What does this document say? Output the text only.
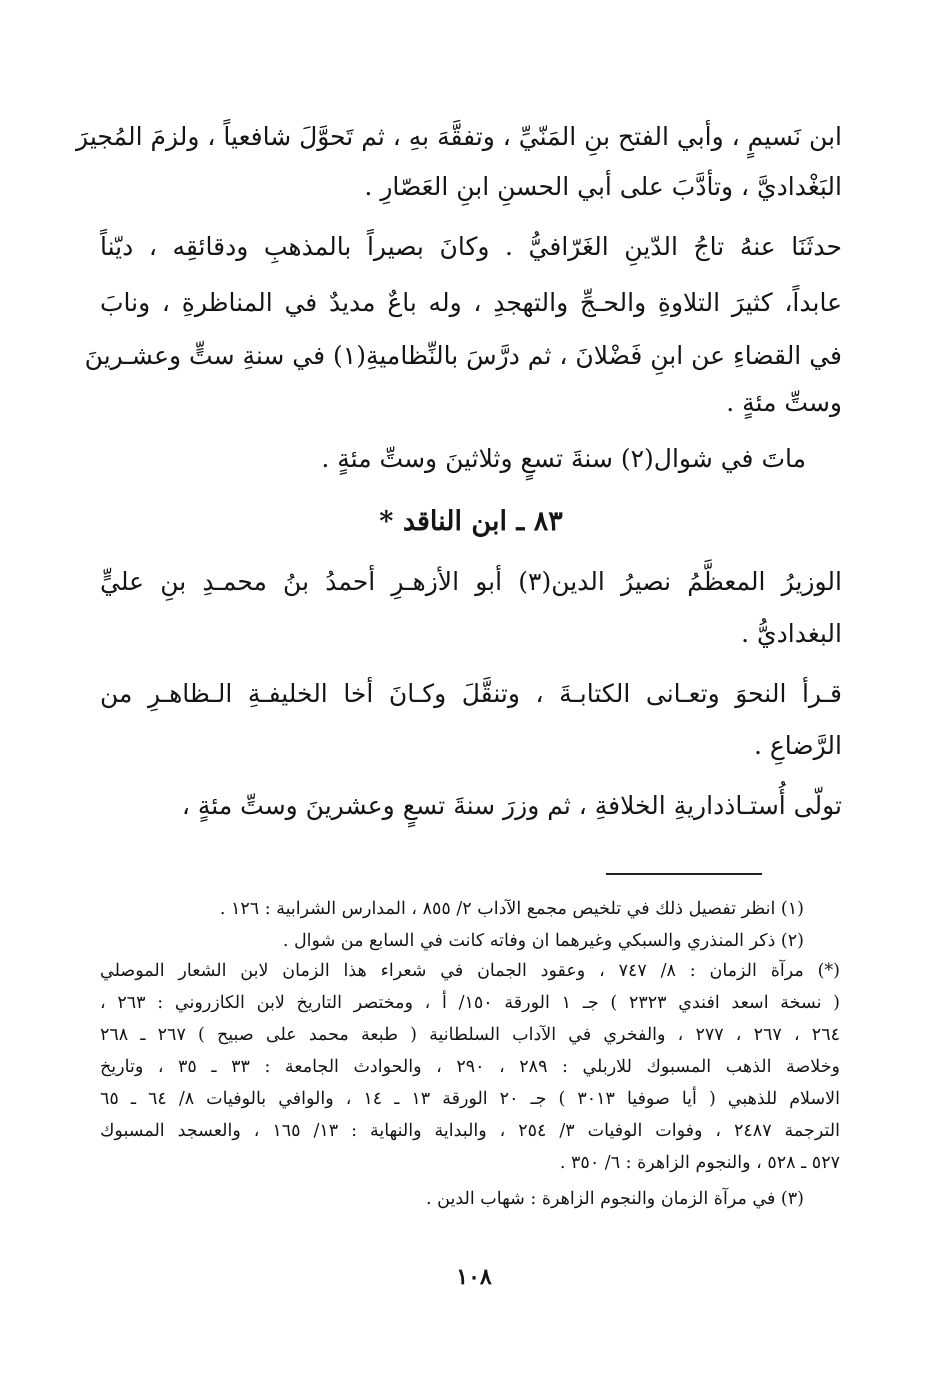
ابن نَسيمٍ ، وأبي الفتح بنِ المَنّيِّ ، وتفقَّهَ بهِ ، ثم تَحوَّلَ شافعياً ، ولزمَ المُجيرَ
البَغْداديَّ ، وتأدَّبَ على أبي الحسنِ ابنِ العَصّارِ .
حدثَنَا عنهُ تاجُ الدّينِ الغَرّافيُّ . وكانَ بصيراً بالمذهبِ ودقائقِه ، ديّناً
عابداً، كثيرَ التلاوةِ والحـجِّ والتهجدِ ، وله باعٌ مديدٌ في المناظرةِ ، ونابَ
في القضاءِ عن ابنِ فَضْلانَ ، ثم درَّسَ بالنِّظاميةِ(١) في سنةِ ستٍّ وعشـرينَ
وستِّ مئةٍ .
ماتَ في شوال(٢) سنةَ تسعٍ وثلاثينَ وستِّ مئةٍ .
٨٣ ـ ابن الناقد *
الوزيرُ المعظَّمُ نصيرُ الدين(٣) أبو الأزهـرِ أحمدُ بنُ محمـدِ بنِ عليٍّ
البغداديُّ .
قـرأ النحوَ وتعـانى الكتابـةَ ، وتنقَّلَ وكـانَ أخا الخليفـةِ الـظاهـرِ من
الرَّضاعِ .
تولّى أُستـاذداريةِ الخلافةِ ، ثم وزرَ سنةَ تسعٍ وعشرينَ وستِّ مئةٍ ،
(١) انظر تفصيل ذلك في تلخيص مجمع الآداب ٢/ ٨٥٥ ، المدارس الشرابية : ١٢٦ .
(٢) ذكر المنذري والسبكي وغيرهما ان وفاته كانت في السابع من شوال .
(*) مرآة الزمان : ٨/ ٧٤٧ ، وعقود الجمان في شعراء هذا الزمان لابن الشعار الموصلي
( نسخة اسعد افندي ٢٣٢٣ ) جـ ١ الورقة ١٥٠/ أ ، ومختصر التاريخ لابن الكازروني : ٢٦٣ ،
٢٦٤ ، ٢٦٧ ، ٢٧٧ ، والفخري في الآداب السلطانية ( طبعة محمد على صبيح ) ٢٦٧ ـ ٢٦٨
وخلاصة الذهب المسبوك للاربلي : ٢٨٩ ، ٢٩٠ ، والحوادث الجامعة : ٣٣ ـ ٣٥ ، وتاريخ
الاسلام للذهبي ( أيا صوفيا ٣٠١٣ ) جـ ٢٠ الورقة ١٣ ـ ١٤ ، والوافي بالوفيات ٨/ ٦٤ ـ ٦٥
الترجمة ٢٤٨٧ ، وفوات الوفيات ٣/ ٢٥٤ ، والبداية والنهاية : ١٣/ ١٦٥ ، والعسجد المسبوك
٥٢٧ ـ ٥٢٨ ، والنجوم الزاهرة : ٦/ ٣٥٠ .
(٣) في مرآة الزمان والنجوم الزاهرة : شهاب الدين .
١٠٨
